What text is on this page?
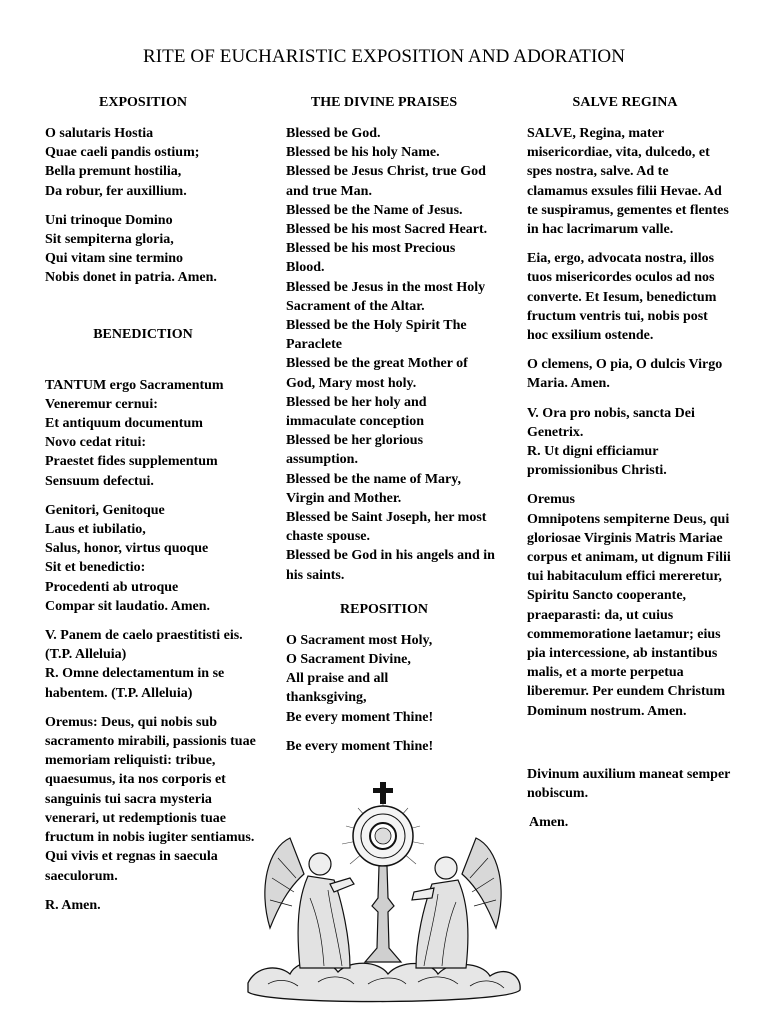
RITE OF EUCHARISTIC EXPOSITION AND ADORATION
EXPOSITION
O salutaris Hostia
Quae caeli pandis ostium;
Bella premunt hostilia,
Da robur, fer auxillium.
Uni trinoque Domino
Sit sempiterna gloria,
Qui vitam sine termino
Nobis donet in patria. Amen.
BENEDICTION
TANTUM ergo Sacramentum
Veneremur cernui:
Et antiquum documentum
Novo cedat ritui:
Praestet fides supplementum
Sensuum defectui.
Genitori, Genitoque
Laus et iubilatio,
Salus, honor, virtus quoque
Sit et benedictio:
Procedenti ab utroque
Compar sit laudatio. Amen.
V. Panem de caelo praestitisti eis. (T.P. Alleluia)
R. Omne delectamentum in se habentem. (T.P. Alleluia)
Oremus: Deus, qui nobis sub sacramento mirabili, passionis tuae memoriam reliquisti: tribue, quaesumus, ita nos corporis et sanguinis tui sacra mysteria venerari, ut redemptionis tuae fructum in nobis iugiter sentiamus. Qui vivis et regnas in saecula saeculorum.
R. Amen.
THE DIVINE PRAISES
Blessed be God.
Blessed be his holy Name.
Blessed be Jesus Christ, true God and true Man.
Blessed be the Name of Jesus.
Blessed be his most Sacred Heart.
Blessed be his most Precious Blood.
Blessed be Jesus in the most Holy Sacrament of the Altar.
Blessed be the Holy Spirit The Paraclete
Blessed be the great Mother of God, Mary most holy.
Blessed be her holy and immaculate conception
Blessed be her glorious assumption.
Blessed be the name of Mary, Virgin and Mother.
Blessed be Saint Joseph, her most chaste spouse.
Blessed be God in his angels and in his saints.
REPOSITION
O Sacrament most Holy,
O Sacrament Divine,
All praise and all
thanksgiving,
Be every moment Thine!
Be every moment Thine!
SALVE REGINA
SALVE, Regina, mater misericordiae, vita, dulcedo, et spes nostra, salve. Ad te clamamus exsules filii Hevae. Ad te suspiramus, gementes et flentes in hac lacrimarum valle.
Eia, ergo, advocata nostra, illos tuos misericordes oculos ad nos converte. Et Iesum, benedictum fructum ventris tui, nobis post hoc exsilium ostende.
O clemens, O pia, O dulcis Virgo Maria. Amen.
V. Ora pro nobis, sancta Dei Genetrix.
R. Ut digni efficiamur promissionibus Christi.
Oremus
Omnipotens sempiterne Deus, qui gloriosae Virginis Matris Mariae corpus et animam, ut dignum Filii tui habitaculum effici mereretur, Spiritu Sancto cooperante, praeparasti: da, ut cuius commemoratione laetamur; eius pia intercessione, ab instantibus malis, et a morte perpetua liberemur. Per eundem Christum Dominum nostrum. Amen.
Divinum auxilium maneat semper nobiscum.
Amen.
